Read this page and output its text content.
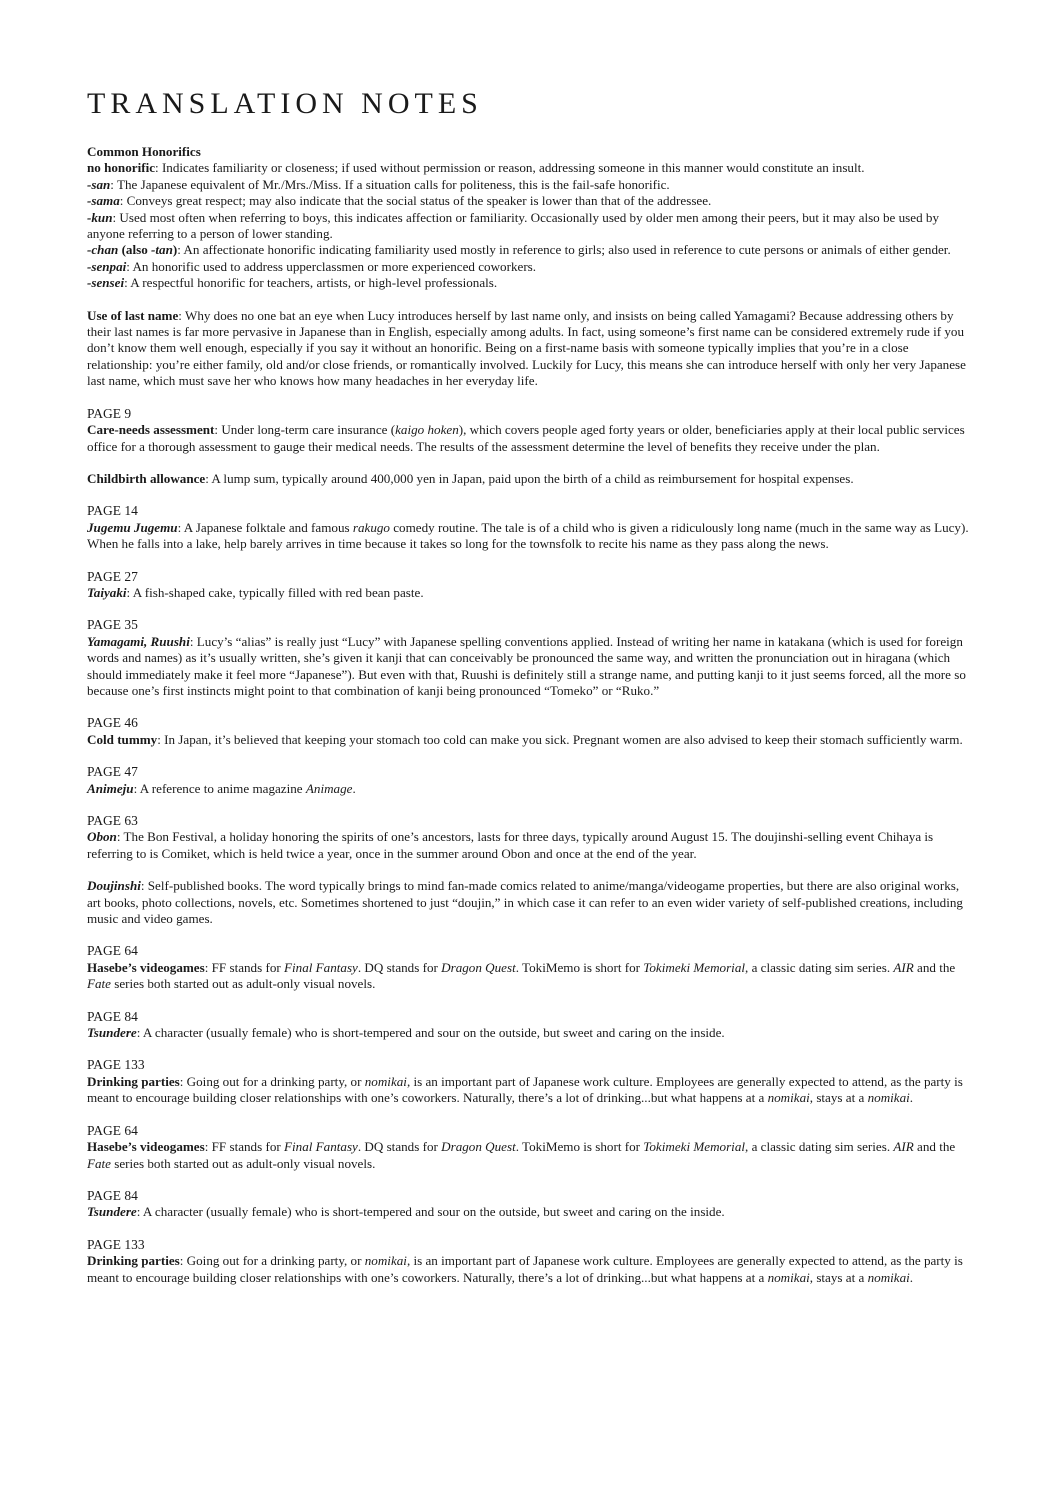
TRANSLATION NOTES

Common Honorifics

no honorific: Indicates familiarity or closeness; if used without permission or reason, addressing someone in this manner would constitute an insult.

-san: The Japanese equivalent of Mr./Mrs./Miss. If a situation calls for politeness, this is the fail-safe honorific.

-sama: Conveys great respect; may also indicate that the social status of the speaker is lower than that of the addressee.

-kun: Used most often when referring to boys, this indicates affection or familiarity. Occasionally used by older men among their peers, but it may also be used by anyone referring to a person of lower standing.

-chan (also -tan): An affectionate honorific indicating familiarity used mostly in reference to girls; also used in reference to cute persons or animals of either gender.

-senpai: An honorific used to address upperclassmen or more experienced coworkers.

-sensei: A respectful honorific for teachers, artists, or high-level professionals.

Use of last name: Why does no one bat an eye when Lucy introduces herself by last name only, and insists on being called Yamagami? Because addressing others by their last names is far more pervasive in Japanese than in English, especially among adults. In fact, using someone’s first name can be considered extremely rude if you don’t know them well enough, especially if you say it without an honorific. Being on a first-name basis with someone typically implies that you’re in a close relationship: you’re either family, old and/or close friends, or romantically involved. Luckily for Lucy, this means she can introduce herself with only her very Japanese last name, which must save her who knows how many headaches in her everyday life.

PAGE 9

Care-needs assessment: Under long-term care insurance (kaigo hoken), which covers people aged forty years or older, beneficiaries apply at their local public services office for a thorough assessment to gauge their medical needs. The results of the assessment determine the level of benefits they receive under the plan.

Childbirth allowance: A lump sum, typically around 400,000 yen in Japan, paid upon the birth of a child as reimbursement for hospital expenses.

PAGE 14

Jugemu Jugemu: A Japanese folktale and famous rakugo comedy routine. The tale is of a child who is given a ridiculously long name (much in the same way as Lucy). When he falls into a lake, help barely arrives in time because it takes so long for the townsfolk to recite his name as they pass along the news.

PAGE 27

Taiyaki: A fish-shaped cake, typically filled with red bean paste.

PAGE 35

Yamagami, Ruushi: Lucy’s “alias” is really just “Lucy” with Japanese spelling conventions applied. Instead of writing her name in katakana (which is used for foreign words and names) as it’s usually written, she’s given it kanji that can conceivably be pronounced the same way, and written the pronunciation out in hiragana (which should immediately make it feel more “Japanese”). But even with that, Ruushi is definitely still a strange name, and putting kanji to it just seems forced, all the more so because one’s first instincts might point to that combination of kanji being pronounced “Tomeko” or “Ruko.”

PAGE 46

Cold tummy: In Japan, it’s believed that keeping your stomach too cold can make you sick. Pregnant women are also advised to keep their stomach sufficiently warm.

PAGE 47

Animeju: A reference to anime magazine Animage.

PAGE 63

Obon: The Bon Festival, a holiday honoring the spirits of one’s ancestors, lasts for three days, typically around August 15. The doujinshi-selling event Chihaya is referring to is Comiket, which is held twice a year, once in the summer around Obon and once at the end of the year.

Doujinshi: Self-published books. The word typically brings to mind fan-made comics related to anime/manga/videogame properties, but there are also original works, art books, photo collections, novels, etc. Sometimes shortened to just “doujin,” in which case it can refer to an even wider variety of self-published creations, including music and video games.

PAGE 64

Hasebe’s videogames: FF stands for Final Fantasy. DQ stands for Dragon Quest. TokiMemo is short for Tokimeki Memorial, a classic dating sim series. AIR and the Fate series both started out as adult-only visual novels.

PAGE 84

Tsundere: A character (usually female) who is short-tempered and sour on the outside, but sweet and caring on the inside.

PAGE 133

Drinking parties: Going out for a drinking party, or nomikai, is an important part of Japanese work culture. Employees are generally expected to attend, as the party is meant to encourage building closer relationships with one’s coworkers. Naturally, there’s a lot of drinking...but what happens at a nomikai, stays at a nomikai.

PAGE 64

Hasebe’s videogames: FF stands for Final Fantasy. DQ stands for Dragon Quest. TokiMemo is short for Tokimeki Memorial, a classic dating sim series. AIR and the Fate series both started out as adult-only visual novels.

PAGE 84

Tsundere: A character (usually female) who is short-tempered and sour on the outside, but sweet and caring on the inside.

PAGE 133

Drinking parties: Going out for a drinking party, or nomikai, is an important part of Japanese work culture. Employees are generally expected to attend, as the party is meant to encourage building closer relationships with one’s coworkers. Naturally, there’s a lot of drinking...but what happens at a nomikai, stays at a nomikai.
